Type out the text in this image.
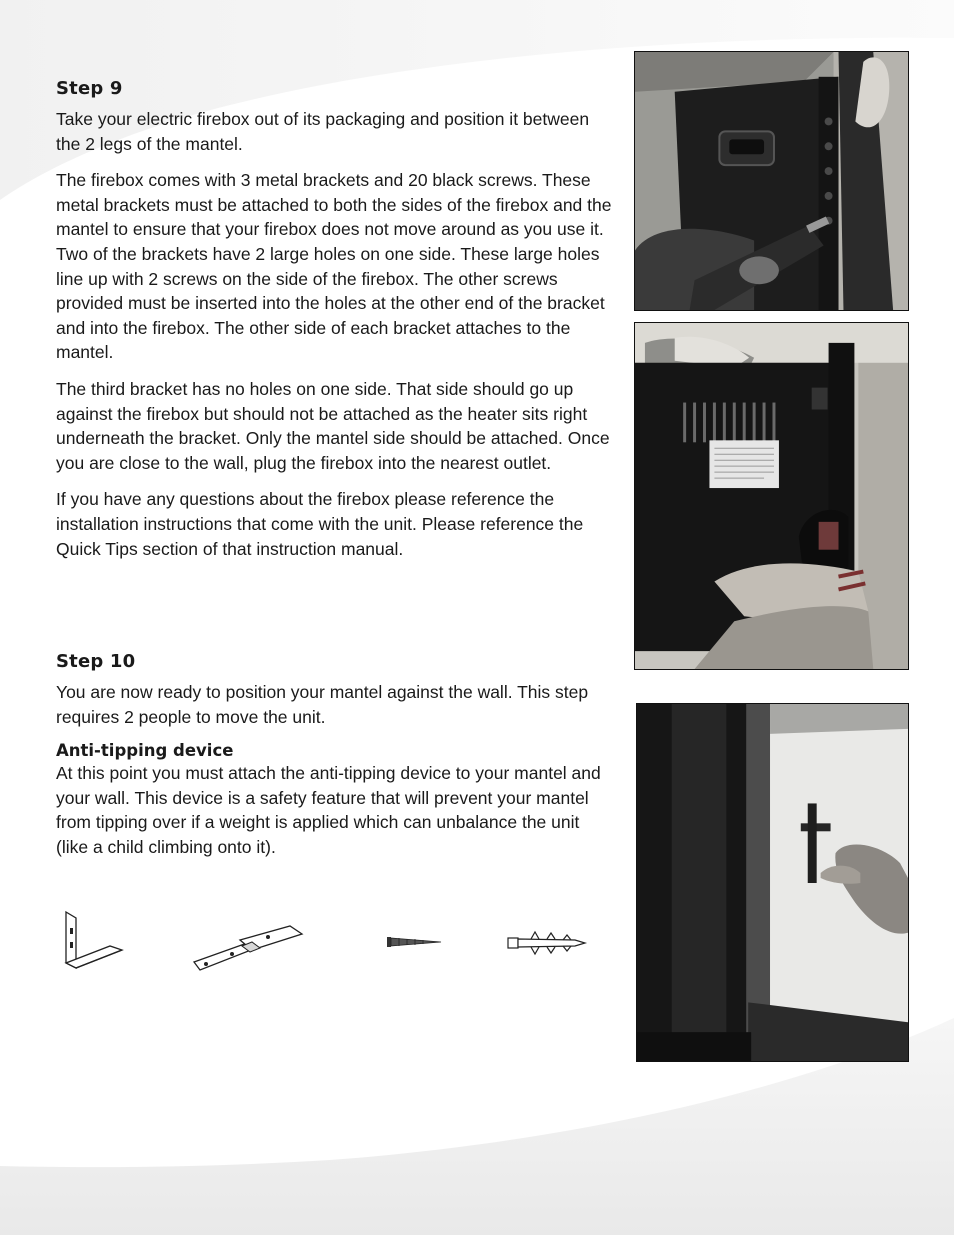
Step 9

Take your electric firebox out of its packaging and position it between the 2 legs of the mantel.

The firebox comes with 3 metal brackets and 20 black screws. These metal brackets must be attached to both the sides of the firebox and the mantel to ensure that your firebox does not move around as you use it. Two of the brackets have 2 large holes on one side. These large holes line up with 2 screws on the side of the firebox. The other screws provided must be inserted into the holes at the other end of the bracket and into the firebox. The other side of each bracket attaches to the mantel.

The third bracket has no holes on one side. That side should go up against the firebox but should not be attached as the heater sits right underneath the bracket. Only the mantel side should be attached. Once you are close to the wall, plug the firebox into the nearest outlet.

If you have any questions about the firebox please reference the installation instructions that come with the unit. Please reference the Quick Tips section of that instruction manual.

Step 10

You are now ready to position your mantel against the wall. This step requires 2 people to move the unit.

Anti-tipping device

At this point you must attach the anti-tipping device to your mantel and your wall. This device is a safety feature that will prevent your mantel from tipping over if a weight is applied which can unbalance the unit (like a child climbing onto it).
